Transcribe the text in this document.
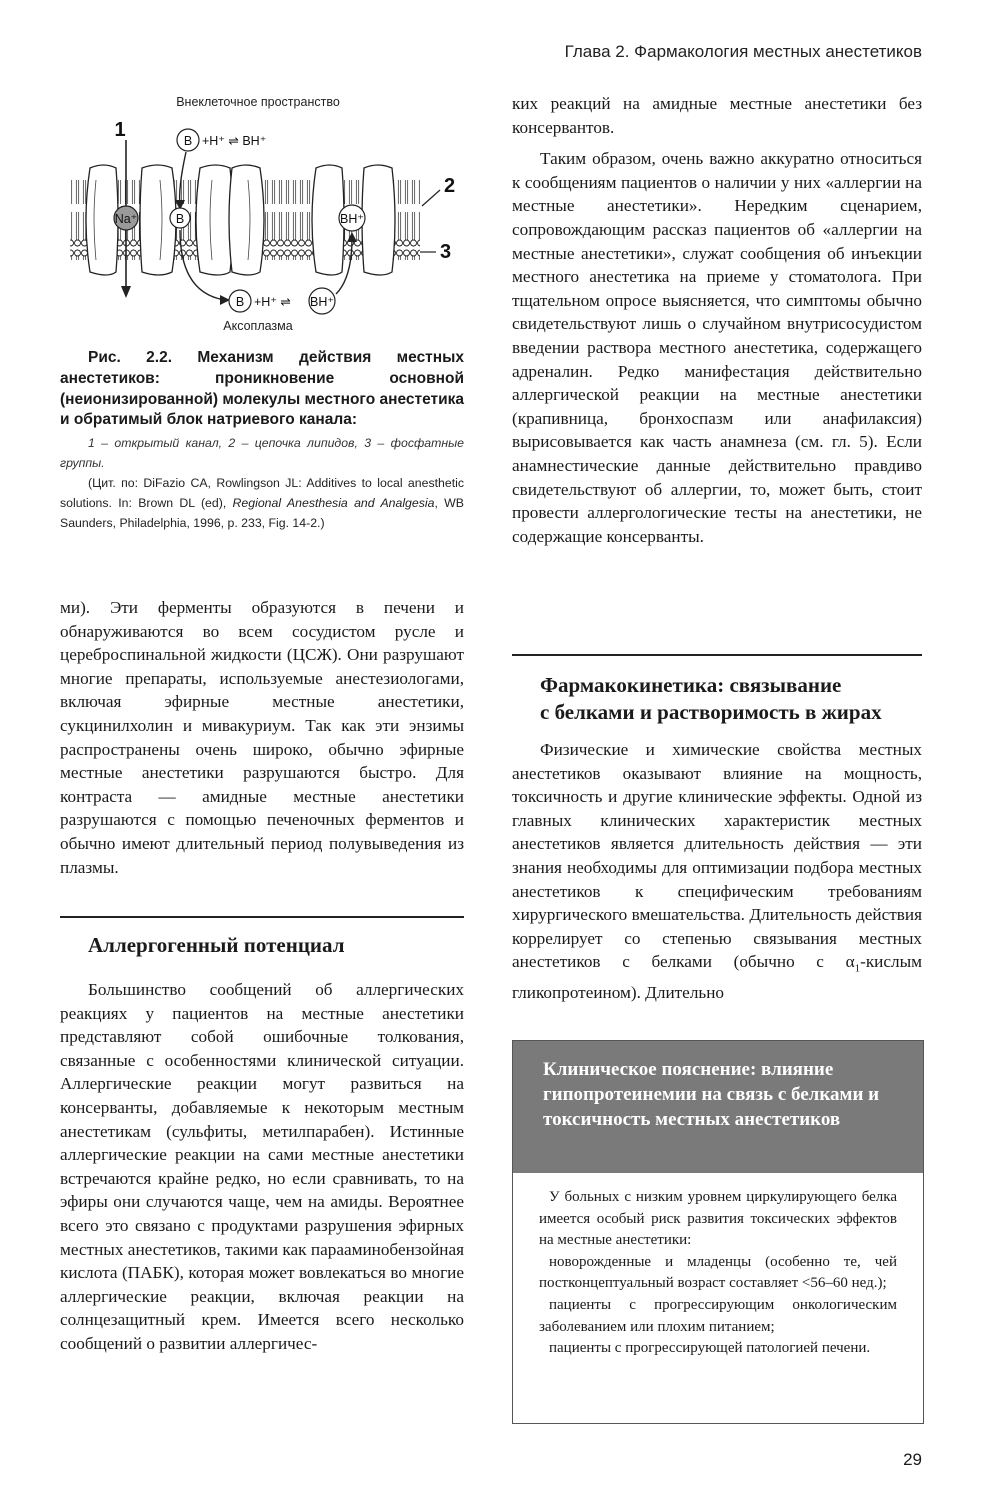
Глава 2. Фармакология местных анестетиков
Внеклеточное пространство
1
Na⁺
B +H⁺ ⇌ BH⁺
B
B +H⁺ ⇌ BH⁺
BH⁺
2
3
Аксоплазма

Рис. 2.2. Механизм действия местных анестетиков: проникновение основной (неионизированной) молекулы местного анестетика и обратимый блок натриевого канала:

1 – открытый канал, 2 – цепочка липидов, 3 – фосфатные группы.

(Цит. по: DiFazio CA, Rowlingson JL: Additives to local anesthetic solutions. In: Brown DL (ed), Regional Anesthesia and Analgesia, WB Saunders, Philadelphia, 1996, p. 233, Fig. 14-2.)

ми). Эти ферменты образуются в печени и обнаруживаются во всем сосудистом русле и цереброспинальной жидкости (ЦСЖ). Они разрушают многие препараты, используемые анестезиологами, включая эфирные местные анестетики, сукцинилхолин и мивакуриум. Так как эти энзимы распространены очень широко, обычно эфирные местные анестетики разрушаются быстро. Для контраста — амидные местные анестетики разрушаются с помощью печеночных ферментов и обычно имеют длительный период полувыведения из плазмы.

Аллергогенный потенциал

Большинство сообщений об аллергических реакциях у пациентов на местные анестетики представляют собой ошибочные толкования, связанные с особенностями клинической ситуации. Аллергические реакции могут развиться на консерванты, добавляемые к некоторым местным анестетикам (сульфиты, метилпарабен). Истинные аллергические реакции на сами местные анестетики встречаются крайне редко, но если сравнивать, то на эфиры они случаются чаще, чем на амиды. Вероятнее всего это связано с продуктами разрушения эфирных местных анестетиков, такими как парааминобензойная кислота (ПАБК), которая может вовлекаться во многие аллергические реакции, включая реакции на солнцезащитный крем. Имеется всего несколько сообщений о развитии аллергичес-

ких реакций на амидные местные анестетики без консервантов.

Таким образом, очень важно аккуратно относиться к сообщениям пациентов о наличии у них «аллергии на местные анестетики». Нередким сценарием, сопровождающим рассказ пациентов об «аллергии на местные анестетики», служат сообщения об инъекции местного анестетика на приеме у стоматолога. При тщательном опросе выясняется, что симптомы обычно свидетельствуют лишь о случайном внутрисосудистом введении раствора местного анестетика, содержащего адреналин. Редко манифестация действительно аллергической реакции на местные анестетики (крапивница, бронхоспазм или анафилаксия) вырисовывается как часть анамнеза (см. гл. 5). Если анамнестические данные действительно правдиво свидетельствуют об аллергии, то, может быть, стоит провести аллергологические тесты на анестетики, не содержащие консерванты.

Фармакокинетика: связывание
с белками и растворимость в жирах

Физические и химические свойства местных анестетиков оказывают влияние на мощность, токсичность и другие клинические эффекты. Одной из главных клинических характеристик местных анестетиков является длительность действия — эти знания необходимы для оптимизации подбора местных анестетиков к специфическим требованиям хирургического вмешательства. Длительность действия коррелирует со степенью связывания местных анестетиков с белками (обычно с $\alpha_1$-кислым гликопротеином). Длительно

Клиническое пояснение: влияние гипопротеинемии на связь с белками и токсичность местных анестетиков

У больных с низким уровнем циркулирующего белка имеется особый риск развития токсических эффектов на местные анестетики:

новорожденные и младенцы (особенно те, чей постконцептуальный возраст составляет <56–60 нед.);

пациенты с прогрессирующим онкологическим заболеванием или плохим питанием;

пациенты с прогрессирующей патологией печени.

29
